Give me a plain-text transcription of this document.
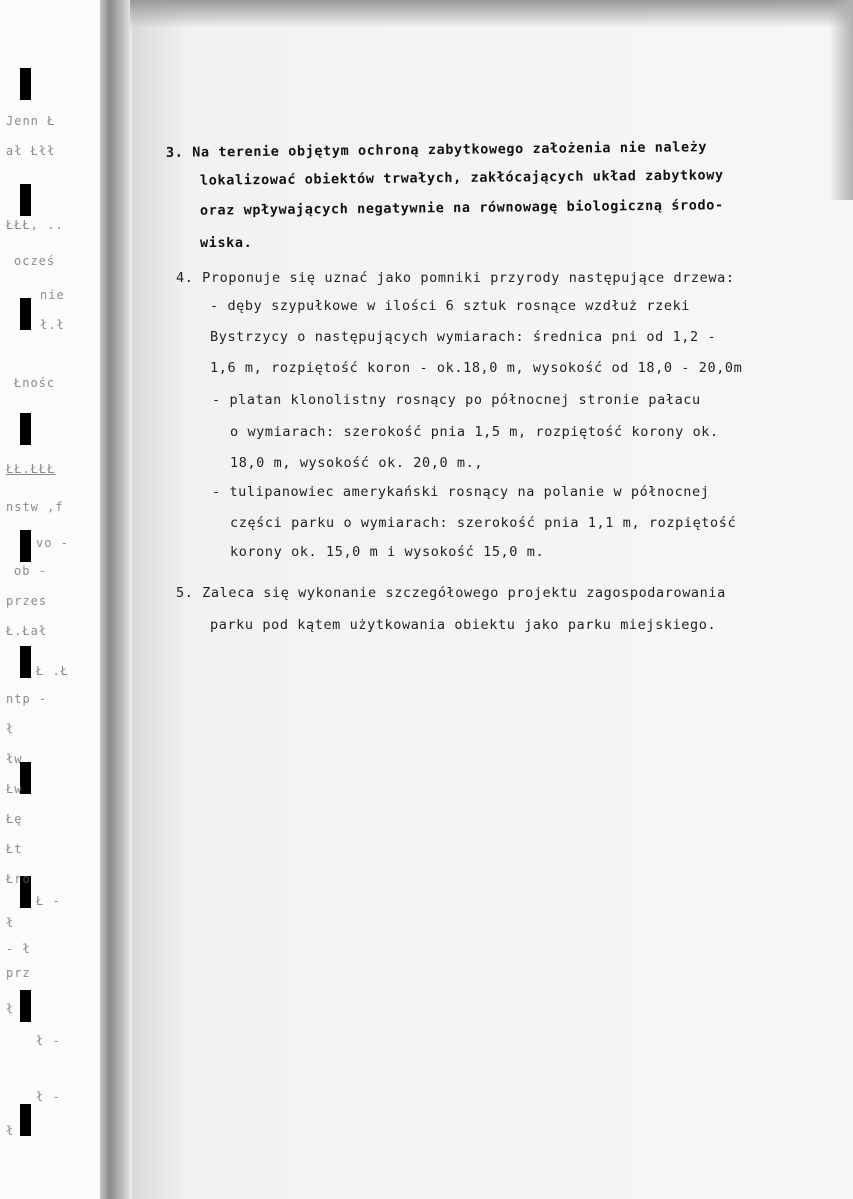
Jenn Ł
ał Łłł
ŁŁŁ, ..
ocześ
nie
ł.ł
Łnośc
ŁŁ.ŁŁŁ
nstw ,f
vo -
ob -
przes
Ł.Łał
Ł .Ł
ntp -
ł
łw
Łw
Łę
Łt
Łro
Ł -
ł
- ł
prz
ł
ł -
ł -
ł
3. Na terenie objętym ochroną zabytkowego założenia nie należy
lokalizować obiektów trwałych, zakłócających układ zabytkowy
oraz wpływających negatywnie na równowagę biologiczną środo-
wiska.
4. Proponuje się uznać jako pomniki przyrody następujące drzewa:
- dęby szypułkowe w ilości 6 sztuk rosnące wzdłuż rzeki
Bystrzycy o następujących wymiarach: średnica pni od 1,2 -
1,6 m, rozpiętość koron - ok.18,0 m, wysokość od 18,0 - 20,0m
- platan klonolistny rosnący po północnej stronie pałacu
o wymiarach: szerokość pnia 1,5 m, rozpiętość korony ok.
18,0 m, wysokość ok. 20,0 m.,
- tulipanowiec amerykański rosnący na polanie w północnej
części parku o wymiarach: szerokość pnia 1,1 m, rozpiętość
korony ok. 15,0 m i wysokość 15,0 m.
5. Zaleca się wykonanie szczegółowego projektu zagospodarowania
parku pod kątem użytkowania obiektu jako parku miejskiego.
